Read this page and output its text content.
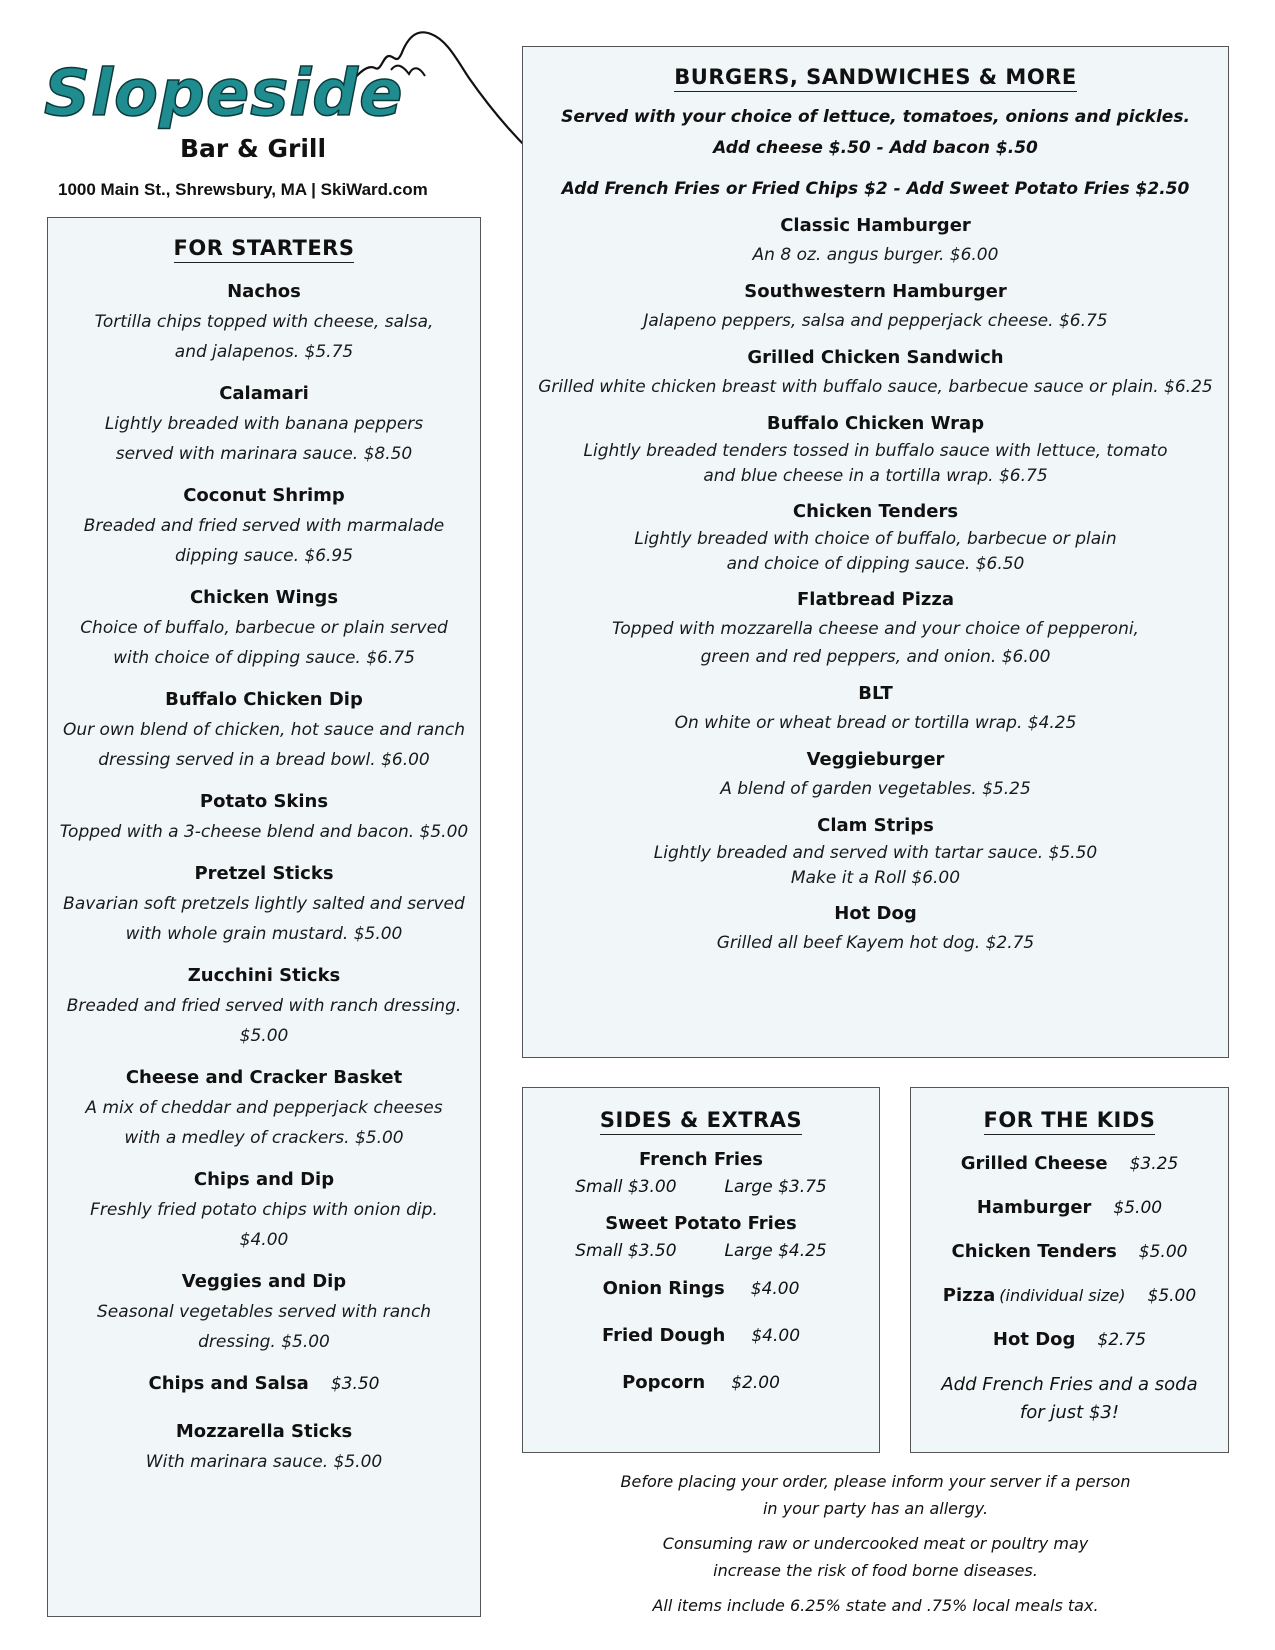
Slopeside
Bar & Grill
1000 Main St., Shrewsbury, MA | SkiWard.com
FOR STARTERS
Nachos
Tortilla chips topped with cheese, salsa,
and jalapenos. $5.75
Calamari
Lightly breaded with banana peppers
served with marinara sauce. $8.50
Coconut Shrimp
Breaded and fried served with marmalade
dipping sauce. $6.95
Chicken Wings
Choice of buffalo, barbecue or plain served
with choice of dipping sauce. $6.75
Buffalo Chicken Dip
Our own blend of chicken, hot sauce and ranch
dressing served in a bread bowl. $6.00
Potato Skins
Topped with a 3-cheese blend and bacon. $5.00
Pretzel Sticks
Bavarian soft pretzels lightly salted and served
with whole grain mustard. $5.00
Zucchini Sticks
Breaded and fried served with ranch dressing.
$5.00
Cheese and Cracker Basket
A mix of cheddar and pepperjack cheeses
with a medley of crackers. $5.00
Chips and Dip
Freshly fried potato chips with onion dip.
$4.00
Veggies and Dip
Seasonal vegetables served with ranch
dressing. $5.00
Chips and Salsa $3.50
Mozzarella Sticks
With marinara sauce. $5.00
BURGERS, SANDWICHES & MORE
Served with your choice of lettuce, tomatoes, onions and pickles.
Add cheese $.50 - Add bacon $.50
Add French Fries or Fried Chips $2 - Add Sweet Potato Fries $2.50
Classic Hamburger
An 8 oz. angus burger. $6.00
Southwestern Hamburger
Jalapeno peppers, salsa and pepperjack cheese. $6.75
Grilled Chicken Sandwich
Grilled white chicken breast with buffalo sauce, barbecue sauce or plain. $6.25
Buffalo Chicken Wrap
Lightly breaded tenders tossed in buffalo sauce with lettuce, tomato
and blue cheese in a tortilla wrap. $6.75
Chicken Tenders
Lightly breaded with choice of buffalo, barbecue or plain
and choice of dipping sauce. $6.50
Flatbread Pizza
Topped with mozzarella cheese and your choice of pepperoni,
green and red peppers, and onion. $6.00
BLT
On white or wheat bread or tortilla wrap. $4.25
Veggieburger
A blend of garden vegetables. $5.25
Clam Strips
Lightly breaded and served with tartar sauce. $5.50
Make it a Roll $6.00
Hot Dog
Grilled all beef Kayem hot dog. $2.75
SIDES & EXTRAS
French Fries
Small $3.00	Large $3.75
Sweet Potato Fries
Small $3.50	Large $4.25
Onion Rings $4.00
Fried Dough $4.00
Popcorn $2.00
FOR THE KIDS
Grilled Cheese $3.25
Hamburger $5.00
Chicken Tenders $5.00
Pizza (individual size) $5.00
Hot Dog $2.75
Add French Fries and a soda
for just $3!
Before placing your order, please inform your server if a person
in your party has an allergy.
Consuming raw or undercooked meat or poultry may
increase the risk of food borne diseases.
All items include 6.25% state and .75% local meals tax.
